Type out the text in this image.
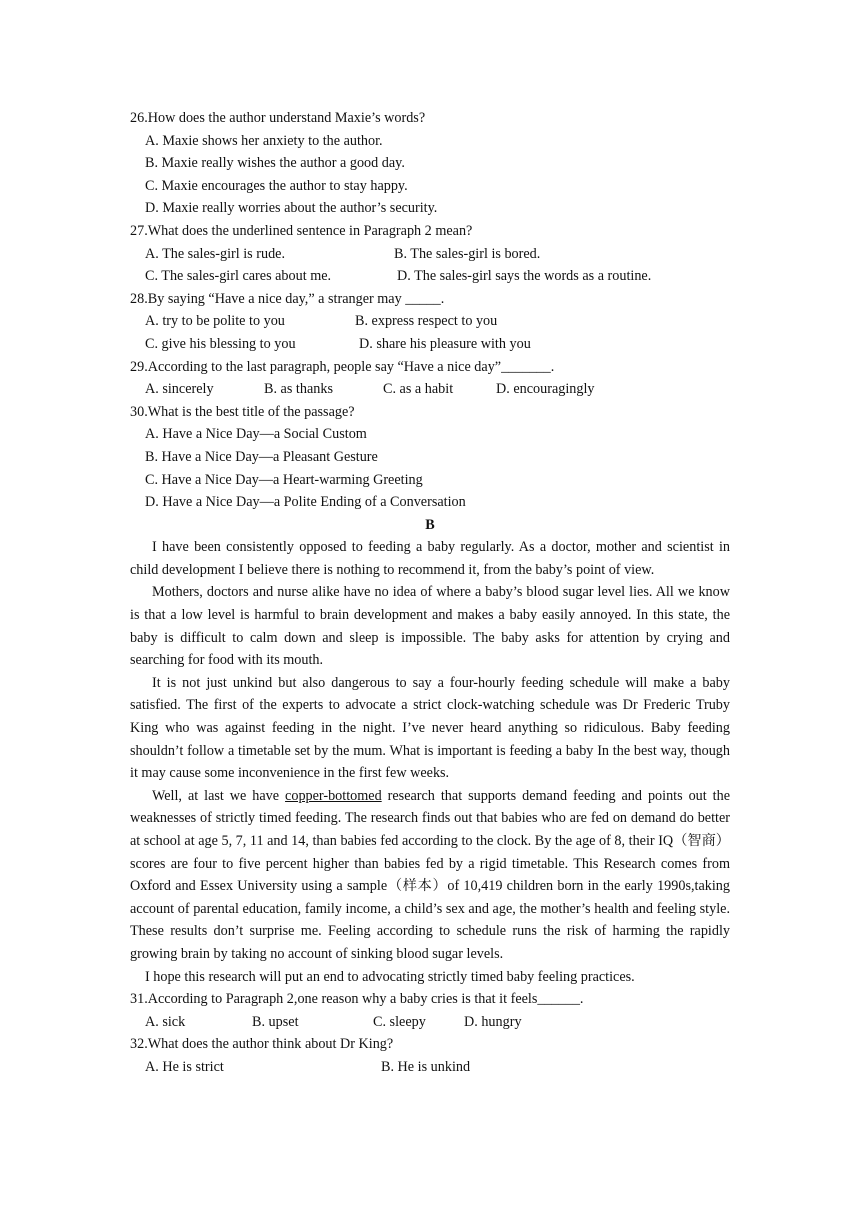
26.How does the author understand Maxie’s words?
A. Maxie shows her anxiety to the author.
B. Maxie really wishes the author a good day.
C. Maxie encourages the author to stay happy.
D. Maxie really worries about the author’s security.
27.What does the underlined sentence in Paragraph 2 mean?
A. The sales-girl is rude.	B. The sales-girl is bored.
C. The sales-girl cares about me.	D. The sales-girl says the words as a routine.
28.By saying “Have a nice day,” a stranger may _____.
A. try to be polite to you	B. express respect to you
C. give his blessing to you	D. share his pleasure with you
29.According to the last paragraph, people say “Have a nice day”_______.
A. sincerely	B. as thanks	C. as a habit	D. encouragingly
30.What is the best title of the passage?
A. Have a Nice Day—a Social Custom
B. Have a Nice Day—a Pleasant Gesture
C. Have a Nice Day—a Heart-warming Greeting
D. Have a Nice Day—a Polite Ending of a Conversation
B

I have been consistently opposed to feeding a baby regularly. As a doctor, mother and scientist in child development I believe there is nothing to recommend it, from the baby’s point of view.

Mothers, doctors and nurse alike have no idea of where a baby’s blood sugar level lies. All we know is that a low level is harmful to brain development and makes a baby easily annoyed. In this state, the baby is difficult to calm down and sleep is impossible. The baby asks for attention by crying and searching for food with its mouth.

It is not just unkind but also dangerous to say a four-hourly feeding schedule will make a baby satisfied. The first of the experts to advocate a strict clock-watching schedule was Dr Frederic Truby King who was against feeding in the night. I’ve never heard anything so ridiculous. Baby feeding shouldn’t follow a timetable set by the mum. What is important is feeding a baby In the best way, though it may cause some inconvenience in the first few weeks.

Well, at last we have copper-bottomed research that supports demand feeding and points out the weaknesses of strictly timed feeding. The research finds out that babies who are fed on demand do better at school at age 5, 7, 11 and 14, than babies fed according to the clock. By the age of 8, their IQ（智商）scores are four to five percent higher than babies fed by a rigid timetable. This Research comes from Oxford and Essex University using a sample（样本）of 10,419 children born in the early 1990s,taking account of parental education, family income, a child’s sex and age, the mother’s health and feeling style. These results don’t surprise me. Feeling according to schedule runs the risk of harming the rapidly growing brain by taking no account of sinking blood sugar levels.

I hope this research will put an end to advocating strictly timed baby feeling practices.

31.According to Paragraph 2,one reason why a baby cries is that it feels______.
A. sick	B. upset	C. sleepy	D. hungry
32.What does the author think about Dr King?
A. He is strict	B. He is unkind
